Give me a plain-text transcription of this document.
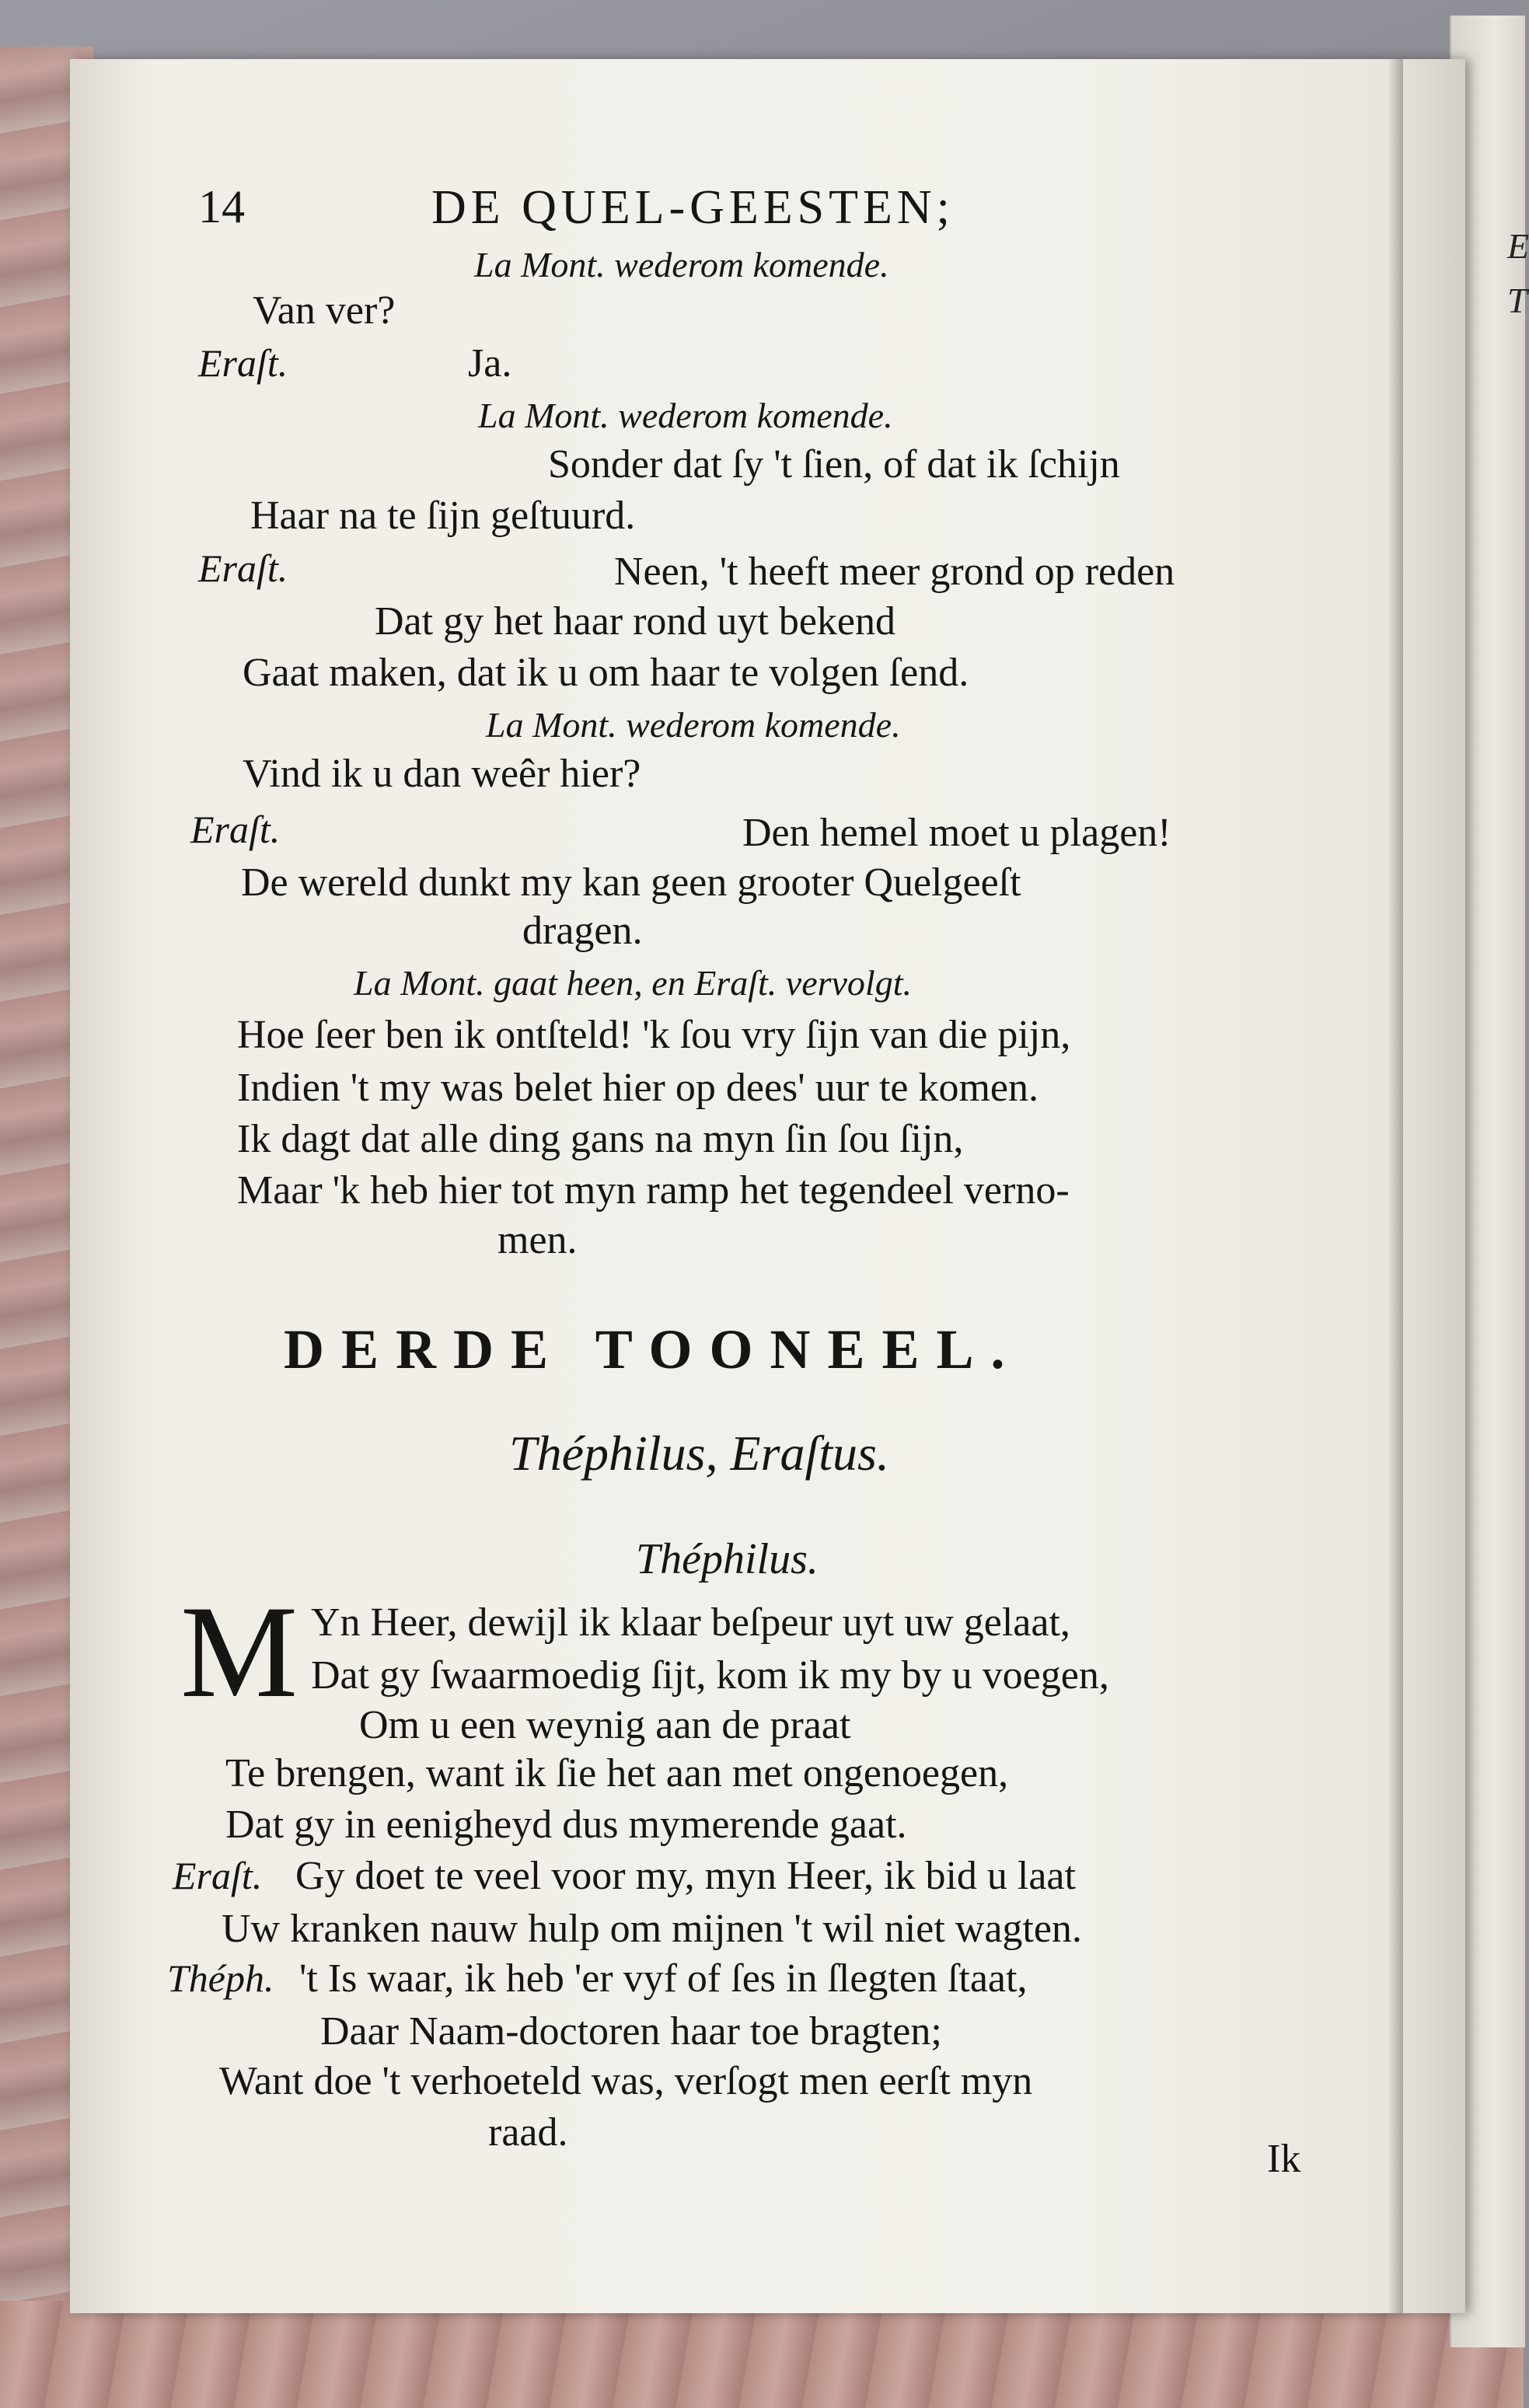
E
T
14	DE QUEL-GEESTEN;
La Mont. wederom komende.
Van ver?
Eraſt.	Ja.
La Mont. wederom komende.
Sonder dat ſy 't ſien, of dat ik ſchijn
Haar na te ſijn geſtuurd.
Eraſt.	Neen, 't heeft meer grond op reden
Dat gy het haar rond uyt bekend
Gaat maken, dat ik u om haar te volgen ſend.
La Mont. wederom komende.
Vind ik u dan weêr hier?
Eraſt.	Den hemel moet u plagen!
De wereld dunkt my kan geen grooter Quelgeeſt
dragen.
La Mont. gaat heen, en Eraſt. vervolgt.
Hoe ſeer ben ik ontſteld! 'k ſou vry ſijn van die pijn,
Indien 't my was belet hier op dees' uur te komen.
Ik dagt dat alle ding gans na myn ſin ſou ſijn,
Maar 'k heb hier tot myn ramp het tegendeel verno-
men.
DERDE TOONEEL.
Théphilus, Eraſtus.
Théphilus.
M Yn Heer, dewijl ik klaar beſpeur uyt uw gelaat,
Dat gy ſwaarmoedig ſijt, kom ik my by u voegen,
Om u een weynig aan de praat
Te brengen, want ik ſie het aan met ongenoegen,
Dat gy in eenigheyd dus mymerende gaat.
Eraſt. Gy doet te veel voor my, myn Heer, ik bid u laat
Uw kranken nauw hulp om mijnen 't wil niet wagten.
Théph. 't Is waar, ik heb 'er vyf of ſes in ſlegten ſtaat,
Daar Naam-doctoren haar toe bragten;
Want doe 't verhoeteld was, verſogt men eerſt myn
raad.
Ik
